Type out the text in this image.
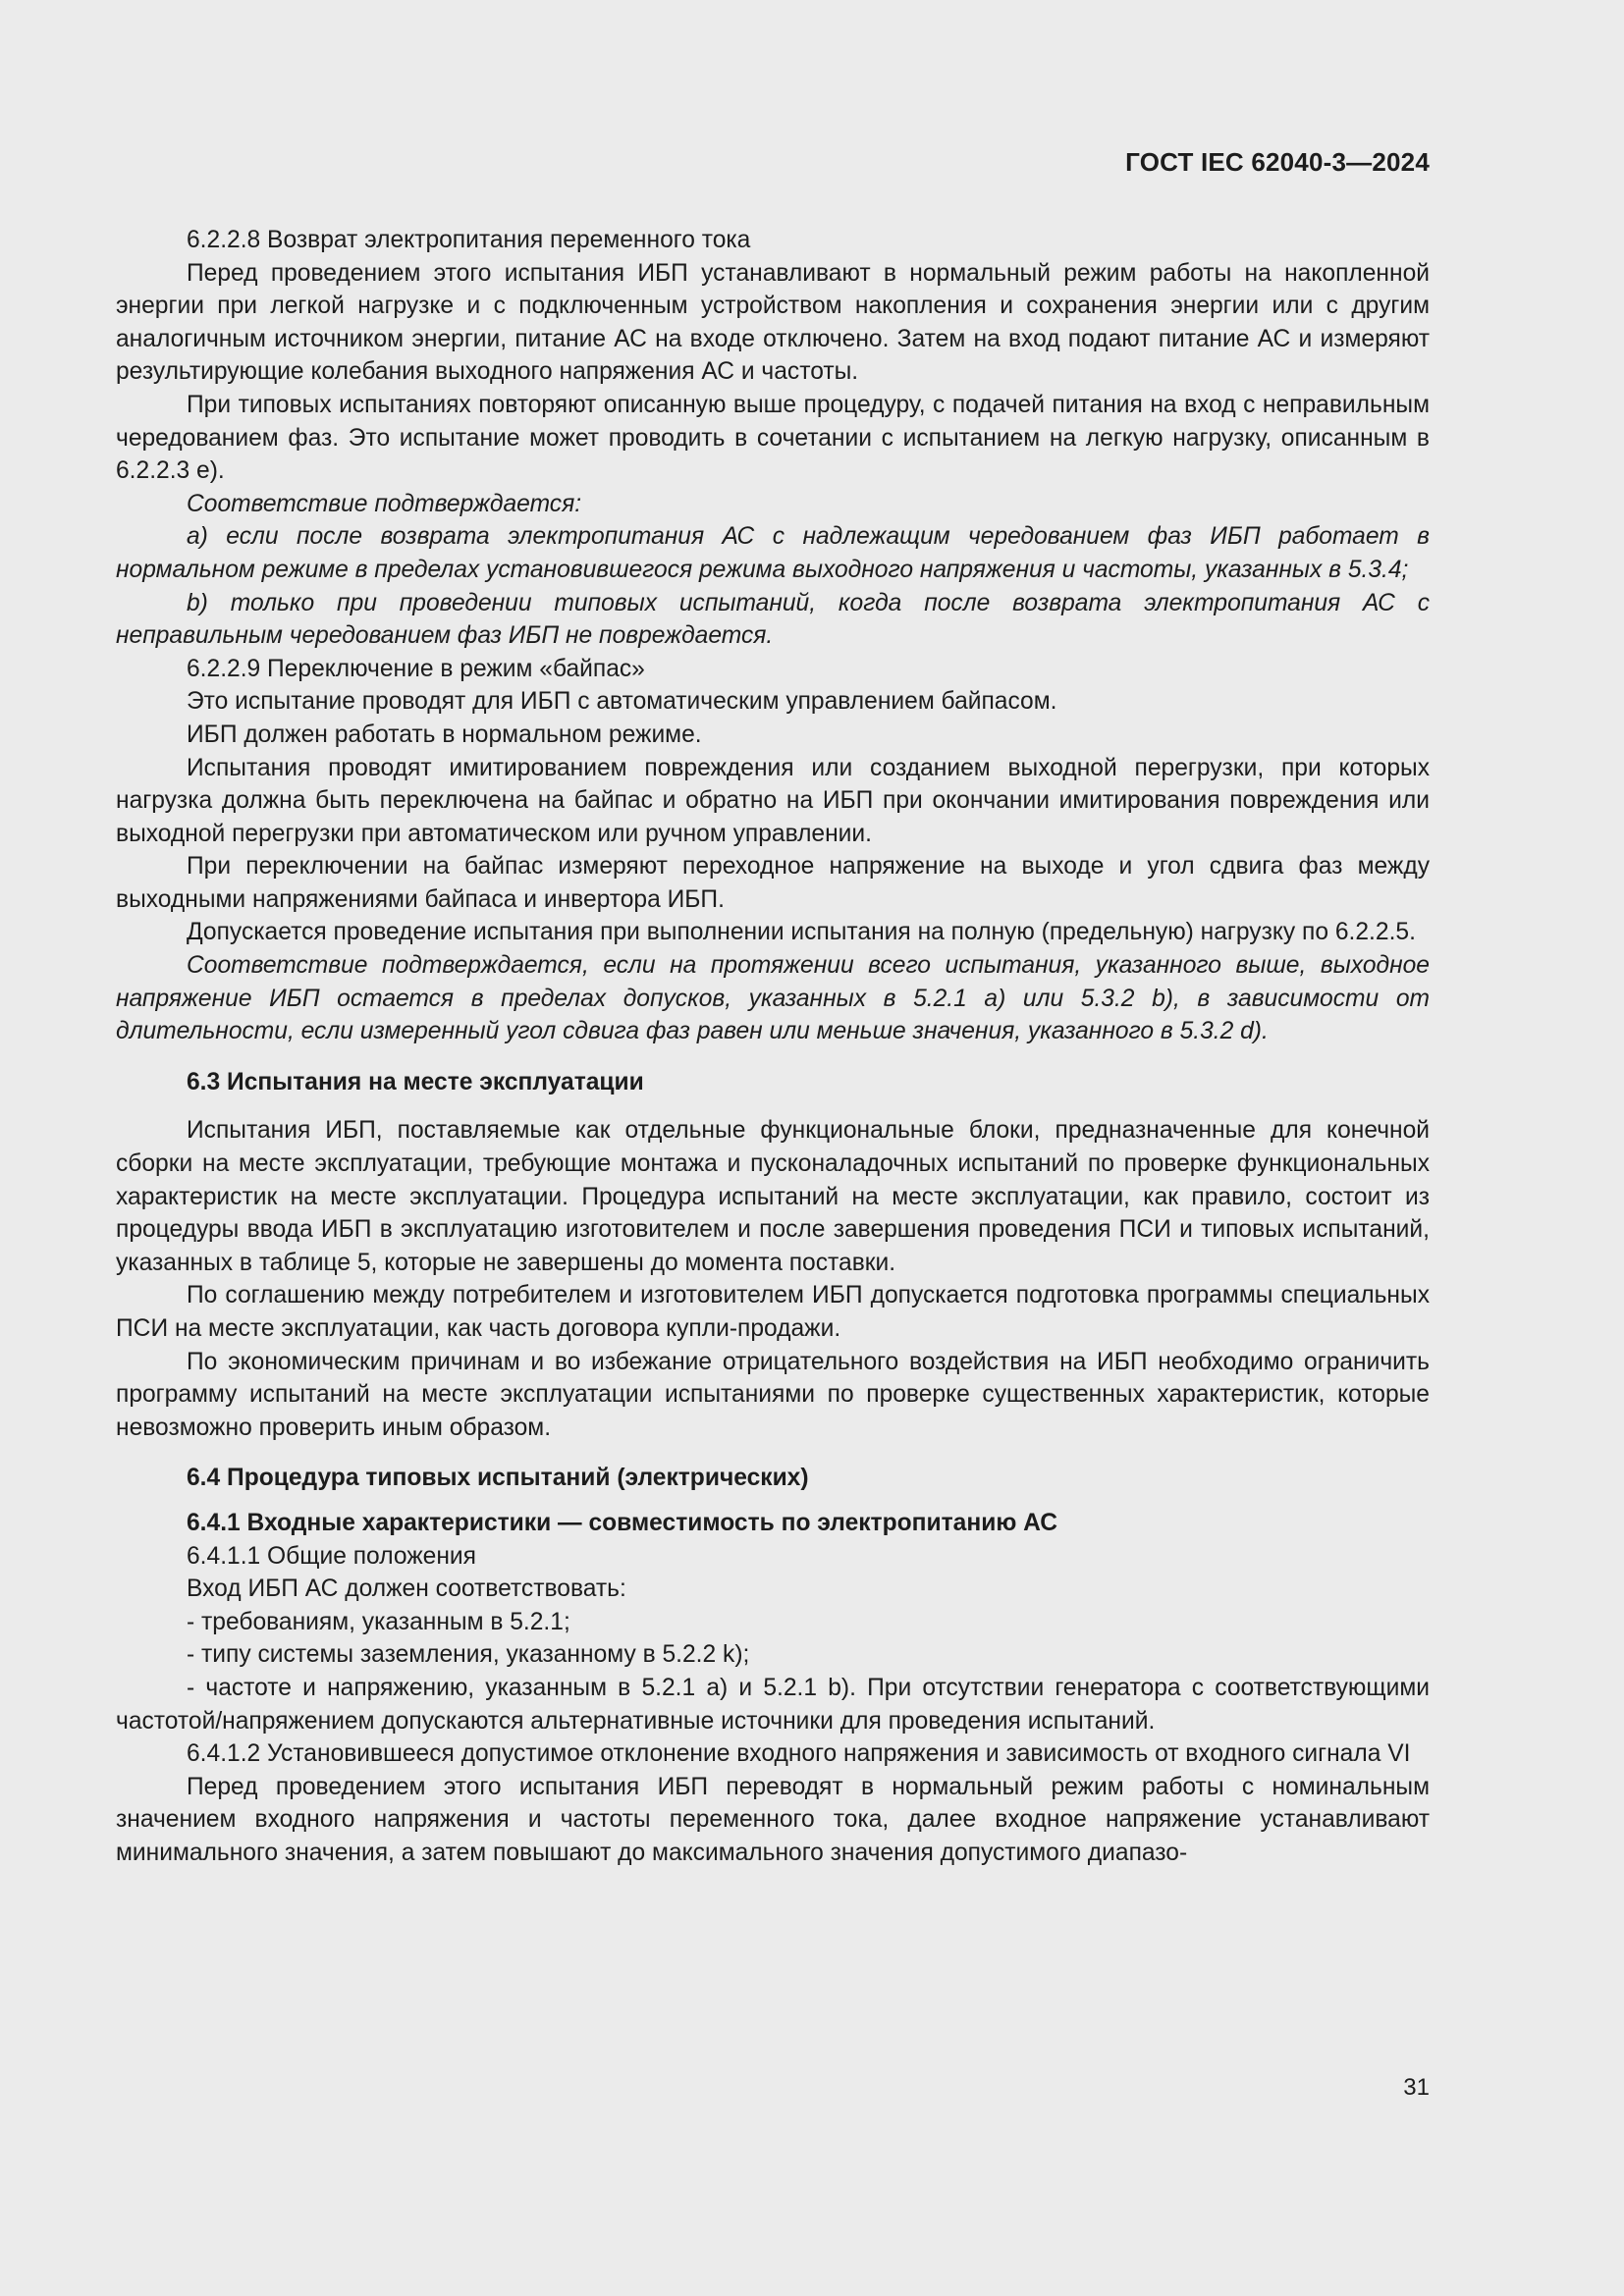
ГОСТ IEC 62040-3—2024

6.2.2.8 Возврат электропитания переменного тока

Перед проведением этого испытания ИБП устанавливают в нормальный режим работы на накопленной энергии при легкой нагрузке и с подключенным устройством накопления и сохранения энергии или с другим аналогичным источником энергии, питание АС на входе отключено. Затем на вход подают питание АС и измеряют результирующие колебания выходного напряжения АС и частоты.

При типовых испытаниях повторяют описанную выше процедуру, с подачей питания на вход с неправильным чередованием фаз. Это испытание может проводить в сочетании с испытанием на легкую нагрузку, описанным в 6.2.2.3 е).

Соответствие подтверждается:

а) если после возврата электропитания АС с надлежащим чередованием фаз ИБП работает в нормальном режиме в пределах установившегося режима выходного напряжения и частоты, указанных в 5.3.4;

b) только при проведении типовых испытаний, когда после возврата электропитания АС с неправильным чередованием фаз ИБП не повреждается.

6.2.2.9 Переключение в режим «байпас»

Это испытание проводят для ИБП с автоматическим управлением байпасом.

ИБП должен работать в нормальном режиме.

Испытания проводят имитированием повреждения или созданием выходной перегрузки, при которых нагрузка должна быть переключена на байпас и обратно на ИБП при окончании имитирования повреждения или выходной перегрузки при автоматическом или ручном управлении.

При переключении на байпас измеряют переходное напряжение на выходе и угол сдвига фаз между выходными напряжениями байпаса и инвертора ИБП.

Допускается проведение испытания при выполнении испытания на полную (предельную) нагрузку по 6.2.2.5.

Соответствие подтверждается, если на протяжении всего испытания, указанного выше, выходное напряжение ИБП остается в пределах допусков, указанных в 5.2.1 а) или 5.3.2 b), в зависимости от длительности, если измеренный угол сдвига фаз равен или меньше значения, указанного в 5.3.2 d).

6.3 Испытания на месте эксплуатации

Испытания ИБП, поставляемые как отдельные функциональные блоки, предназначенные для конечной сборки на месте эксплуатации, требующие монтажа и пусконаладочных испытаний по проверке функциональных характеристик на месте эксплуатации. Процедура испытаний на месте эксплуатации, как правило, состоит из процедуры ввода ИБП в эксплуатацию изготовителем и после завершения проведения ПСИ и типовых испытаний, указанных в таблице 5, которые не завершены до момента поставки.

По соглашению между потребителем и изготовителем ИБП допускается подготовка программы специальных ПСИ на месте эксплуатации, как часть договора купли-продажи.

По экономическим причинам и во избежание отрицательного воздействия на ИБП необходимо ограничить программу испытаний на месте эксплуатации испытаниями по проверке существенных характеристик, которые невозможно проверить иным образом.

6.4 Процедура типовых испытаний (электрических)
6.4.1 Входные характеристики — совместимость по электропитанию АС

6.4.1.1 Общие положения

Вход ИБП АС должен соответствовать:

- требованиям, указанным в 5.2.1;

- типу системы заземления, указанному в 5.2.2 k);

- частоте и напряжению, указанным в 5.2.1 а) и 5.2.1 b). При отсутствии генератора с соответствующими частотой/напряжением допускаются альтернативные источники для проведения испытаний.

6.4.1.2 Установившееся допустимое отклонение входного напряжения и зависимость от входного сигнала VI

Перед проведением этого испытания ИБП переводят в нормальный режим работы с номинальным значением входного напряжения и частоты переменного тока, далее входное напряжение устанавливают минимального значения, а затем повышают до максимального значения допустимого диапазо-

31
